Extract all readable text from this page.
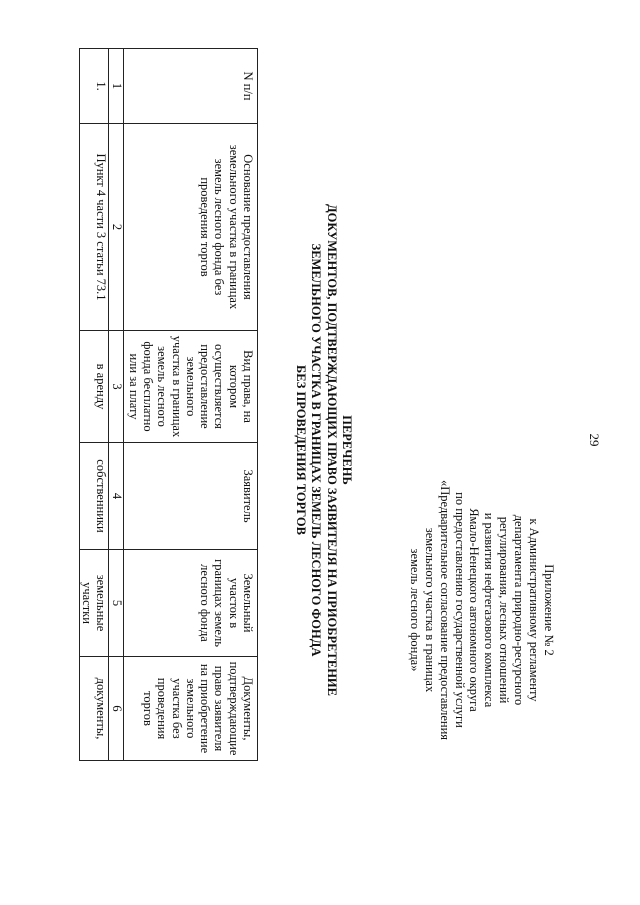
29
Приложение № 2
к Административному регламенту
департамента природно-ресурсного
регулирования, лесных отношений
и развития нефтегазового комплекса
Ямало-Ненецкого автономного округа
по предоставлению государственной услуги
«Предварительное согласование предоставления
земельного участка в границах
земель лесного фонда»
ПЕРЕЧЕНЬ
ДОКУМЕНТОВ, ПОДТВЕРЖДАЮЩИХ ПРАВО ЗАЯВИТЕЛЯ НА ПРИОБРЕТЕНИЕ
ЗЕМЕЛЬНОГО УЧАСТКА В ГРАНИЦАХ ЗЕМЕЛЬ ЛЕСНОГО ФОНДА
БЕЗ ПРОВЕДЕНИЯ ТОРГОВ
N п/п	Основание предоставления земельного участка в границах земель лесного фонда без проведения торгов	Вид права, на котором осуществляется предоставление земельного участка в границах земель лесного фонда бесплатно или за плату	Заявитель	Земельный участок в границах земель лесного фонда	Документы, подтверждающие право заявителя на приобретение земельного участка без проведения торгов
1	2	3	4	5	6
1.	Пункт 4 части 3 статьи 73.1	в аренду	собственники	земельные участки	документы,
